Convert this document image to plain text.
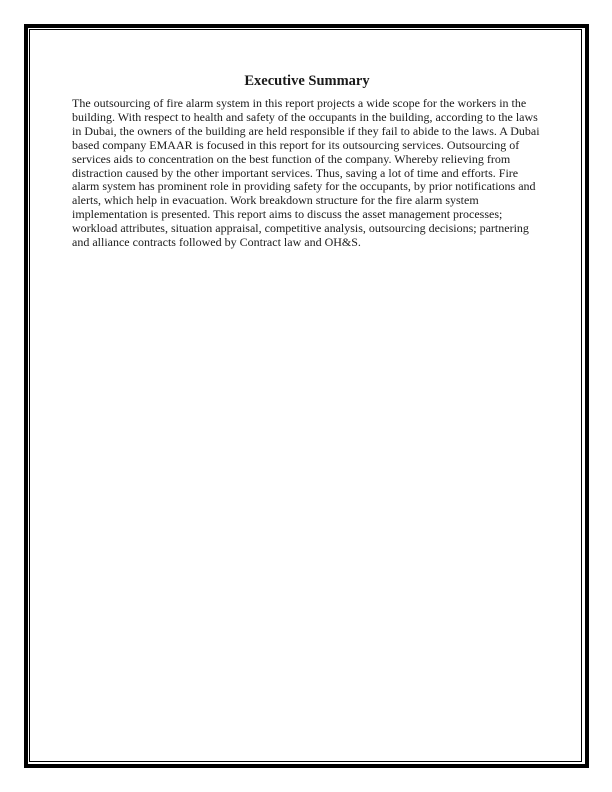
Executive Summary

The outsourcing of fire alarm system in this report projects a wide scope for the workers in the building. With respect to health and safety of the occupants in the building, according to the laws in Dubai, the owners of the building are held responsible if they fail to abide to the laws. A Dubai based company EMAAR is focused in this report for its outsourcing services. Outsourcing of services aids to concentration on the best function of the company. Whereby relieving from distraction caused by the other important services. Thus, saving a lot of time and efforts. Fire alarm system has prominent role in providing safety for the occupants, by prior notifications and alerts, which help in evacuation. Work breakdown structure for the fire alarm system implementation is presented. This report aims to discuss the asset management processes; workload attributes, situation appraisal, competitive analysis, outsourcing decisions; partnering and alliance contracts followed by Contract law and OH&S.
